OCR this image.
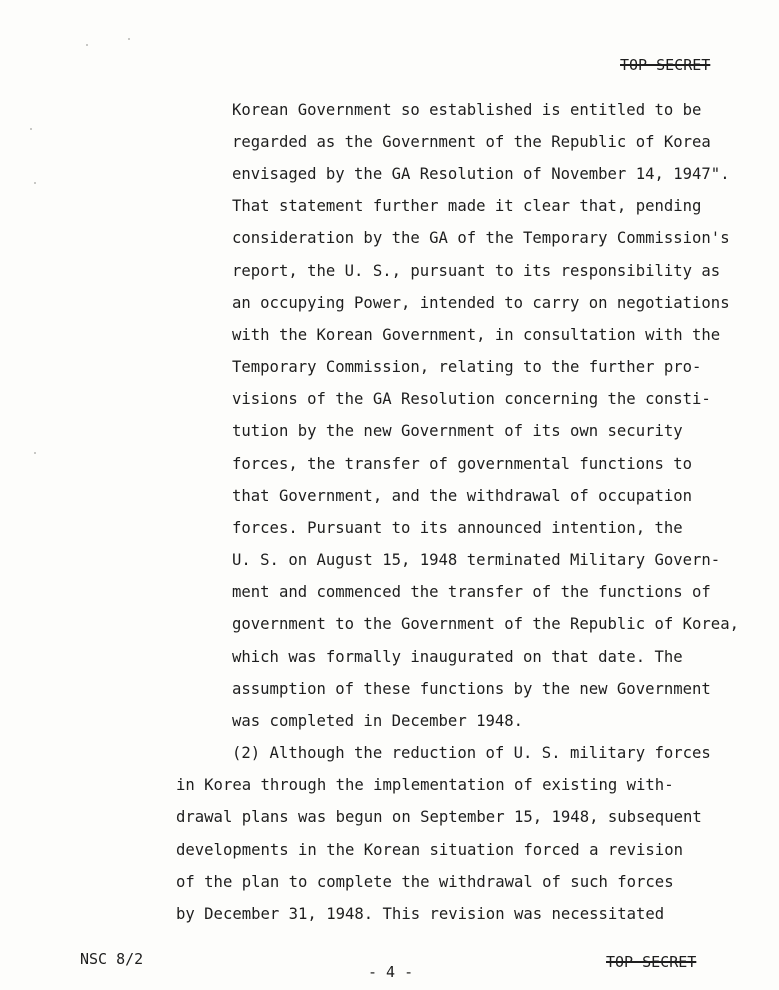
TOP SECRET
Korean Government so established is entitled to be
regarded as the Government of the Republic of Korea
envisaged by the GA Resolution of November 14, 1947".
That statement further made it clear that, pending
consideration by the GA of the Temporary Commission's
report, the U. S., pursuant to its responsibility as
an occupying Power, intended to carry on negotiations
with the Korean Government, in consultation with the
Temporary Commission, relating to the further pro-
visions of the GA Resolution concerning the consti-
tution by the new Government of its own security
forces, the transfer of governmental functions to
that Government, and the withdrawal of occupation
forces. Pursuant to its announced intention, the
U. S. on August 15, 1948 terminated Military Govern-
ment and commenced the transfer of the functions of
government to the Government of the Republic of Korea,
which was formally inaugurated on that date. The
assumption of these functions by the new Government
was completed in December 1948.
(2) Although the reduction of U. S. military forces
in Korea through the implementation of existing with-
drawal plans was begun on September 15, 1948, subsequent
developments in the Korean situation forced a revision
of the plan to complete the withdrawal of such forces
by December 31, 1948. This revision was necessitated
NSC 8/2
- 4 -
TOP SECRET
